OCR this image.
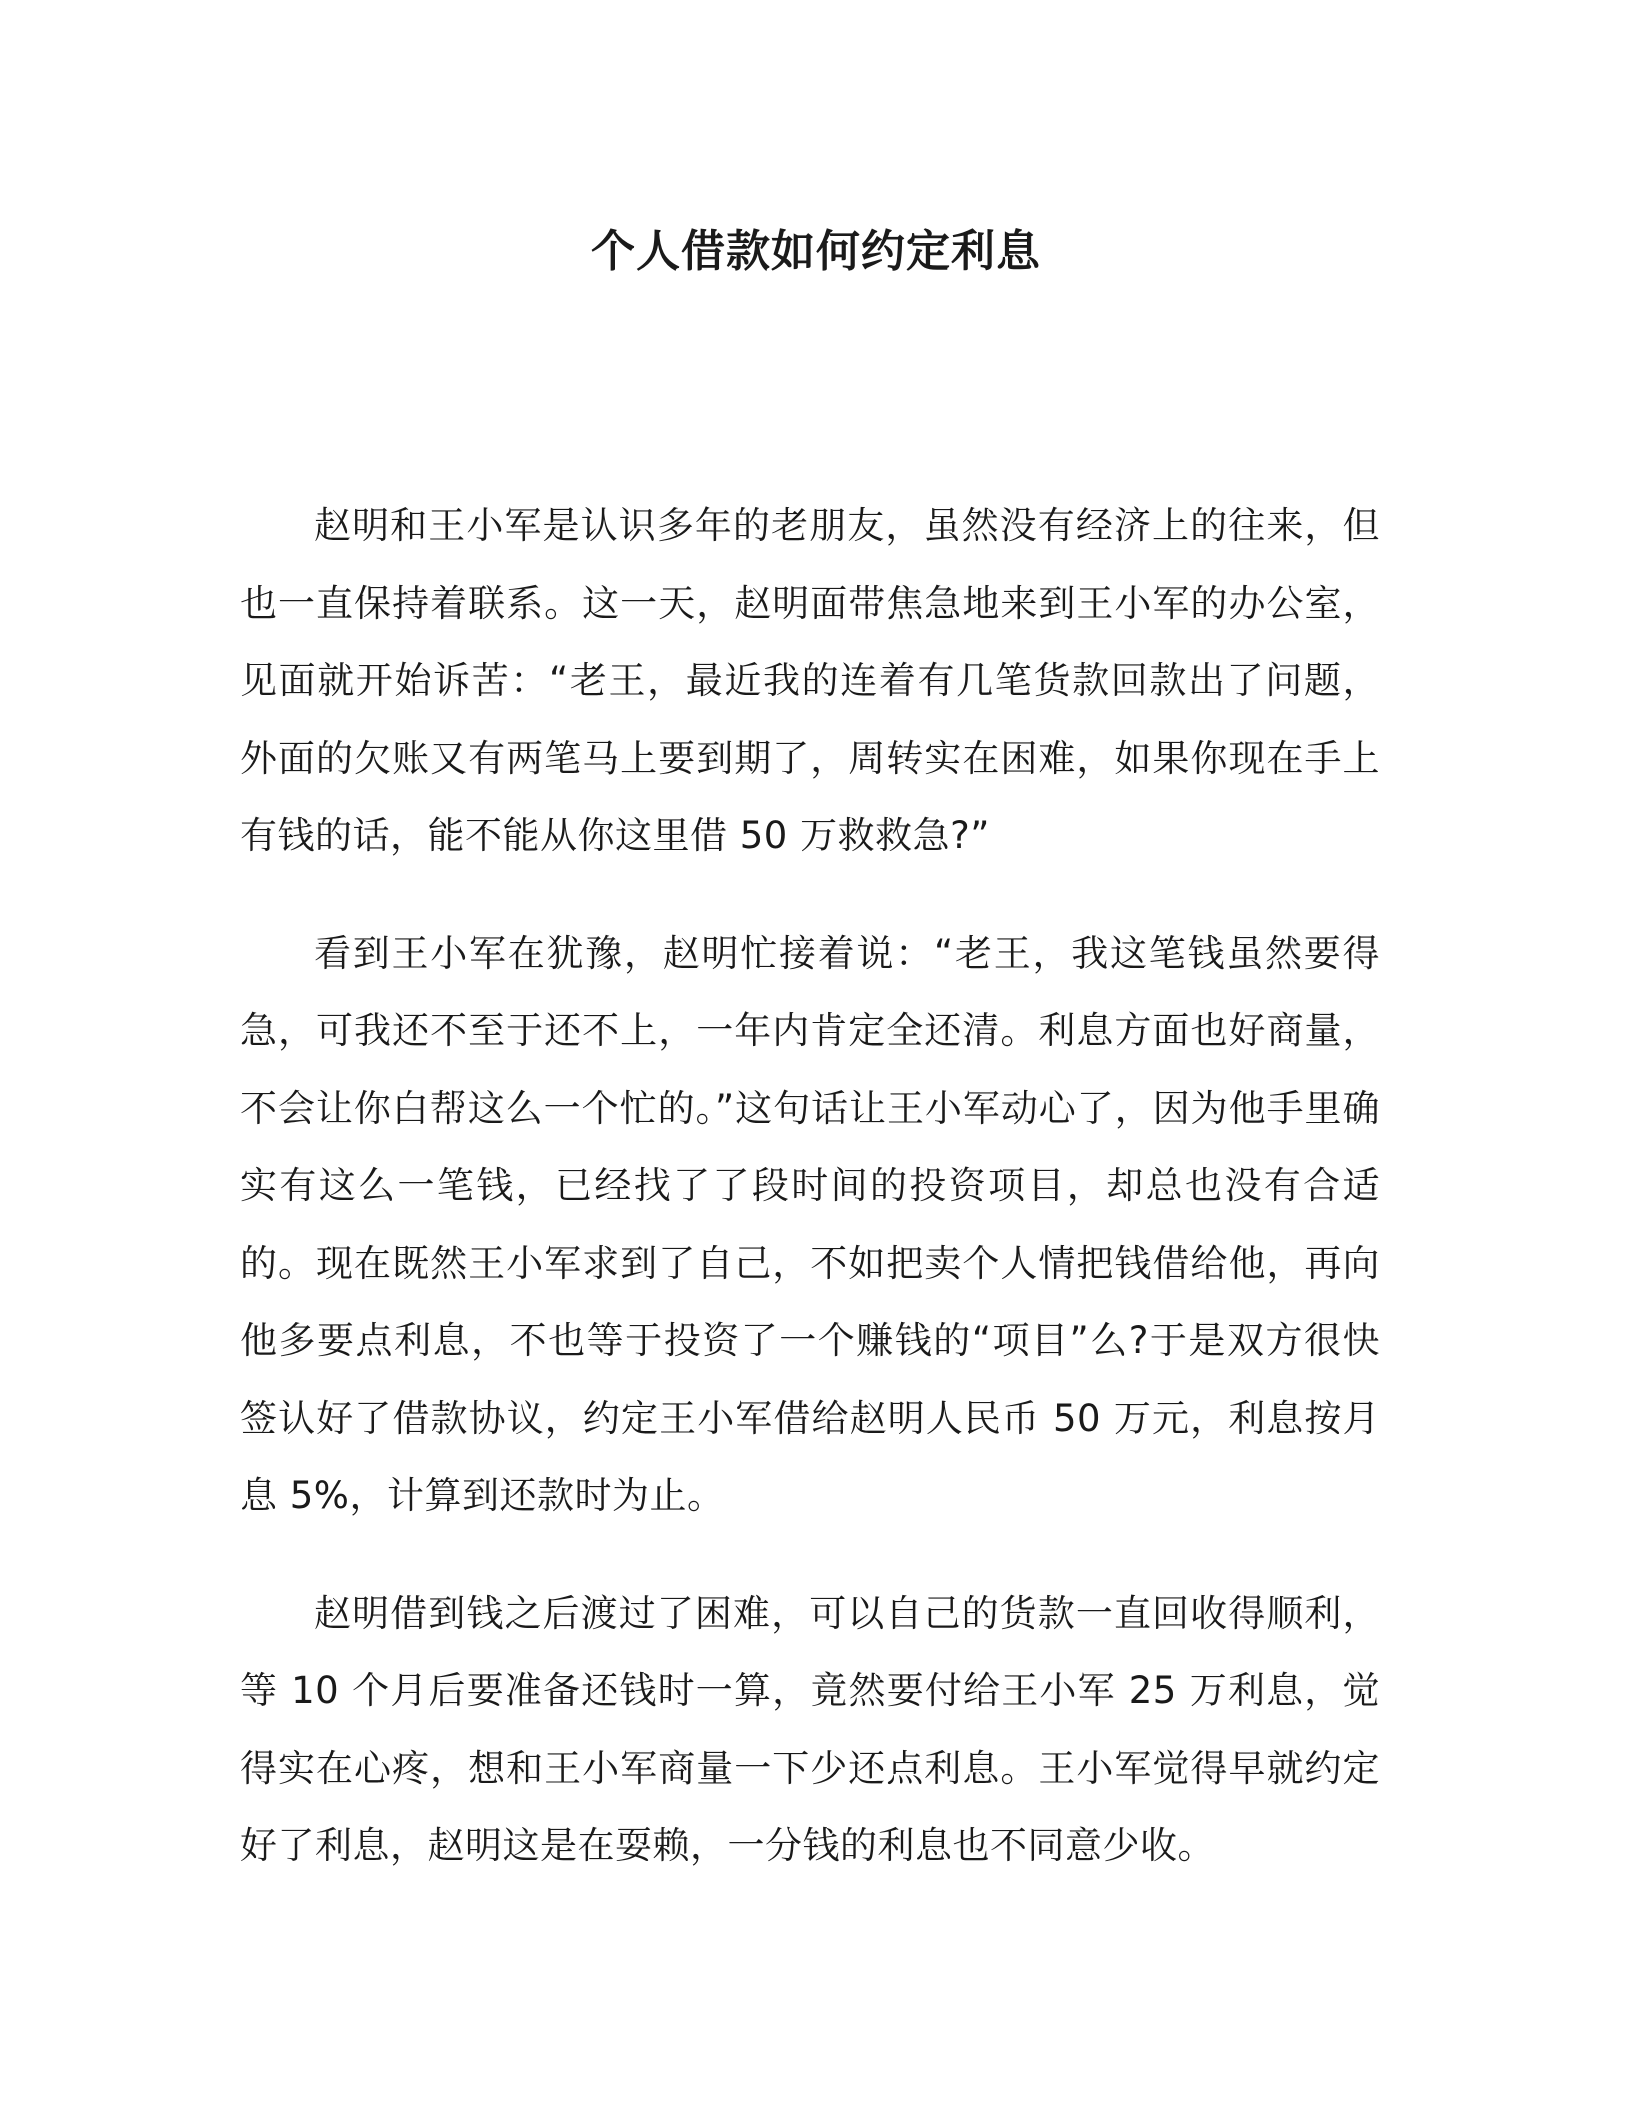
个人借款如何约定利息

赵明和王小军是认识多年的老朋友，虽然没有经济上的往来，但也一直保持着联系。这一天，赵明面带焦急地来到王小军的办公室，见面就开始诉苦：“老王，最近我的连着有几笔货款回款出了问题，外面的欠账又有两笔马上要到期了，周转实在困难，如果你现在手上有钱的话，能不能从你这里借 50 万救救急?”

看到王小军在犹豫，赵明忙接着说：“老王，我这笔钱虽然要得急，可我还不至于还不上，一年内肯定全还清。利息方面也好商量，不会让你白帮这么一个忙的。”这句话让王小军动心了，因为他手里确实有这么一笔钱，已经找了了段时间的投资项目，却总也没有合适的。现在既然王小军求到了自己，不如把卖个人情把钱借给他，再向他多要点利息，不也等于投资了一个赚钱的“项目”么?于是双方很快签认好了借款协议，约定王小军借给赵明人民币 50 万元，利息按月息 5%，计算到还款时为止。

赵明借到钱之后渡过了困难，可以自己的货款一直回收得顺利，等 10 个月后要准备还钱时一算，竟然要付给王小军 25 万利息，觉得实在心疼，想和王小军商量一下少还点利息。王小军觉得早就约定好了利息，赵明这是在耍赖，一分钱的利息也不同意少收。
